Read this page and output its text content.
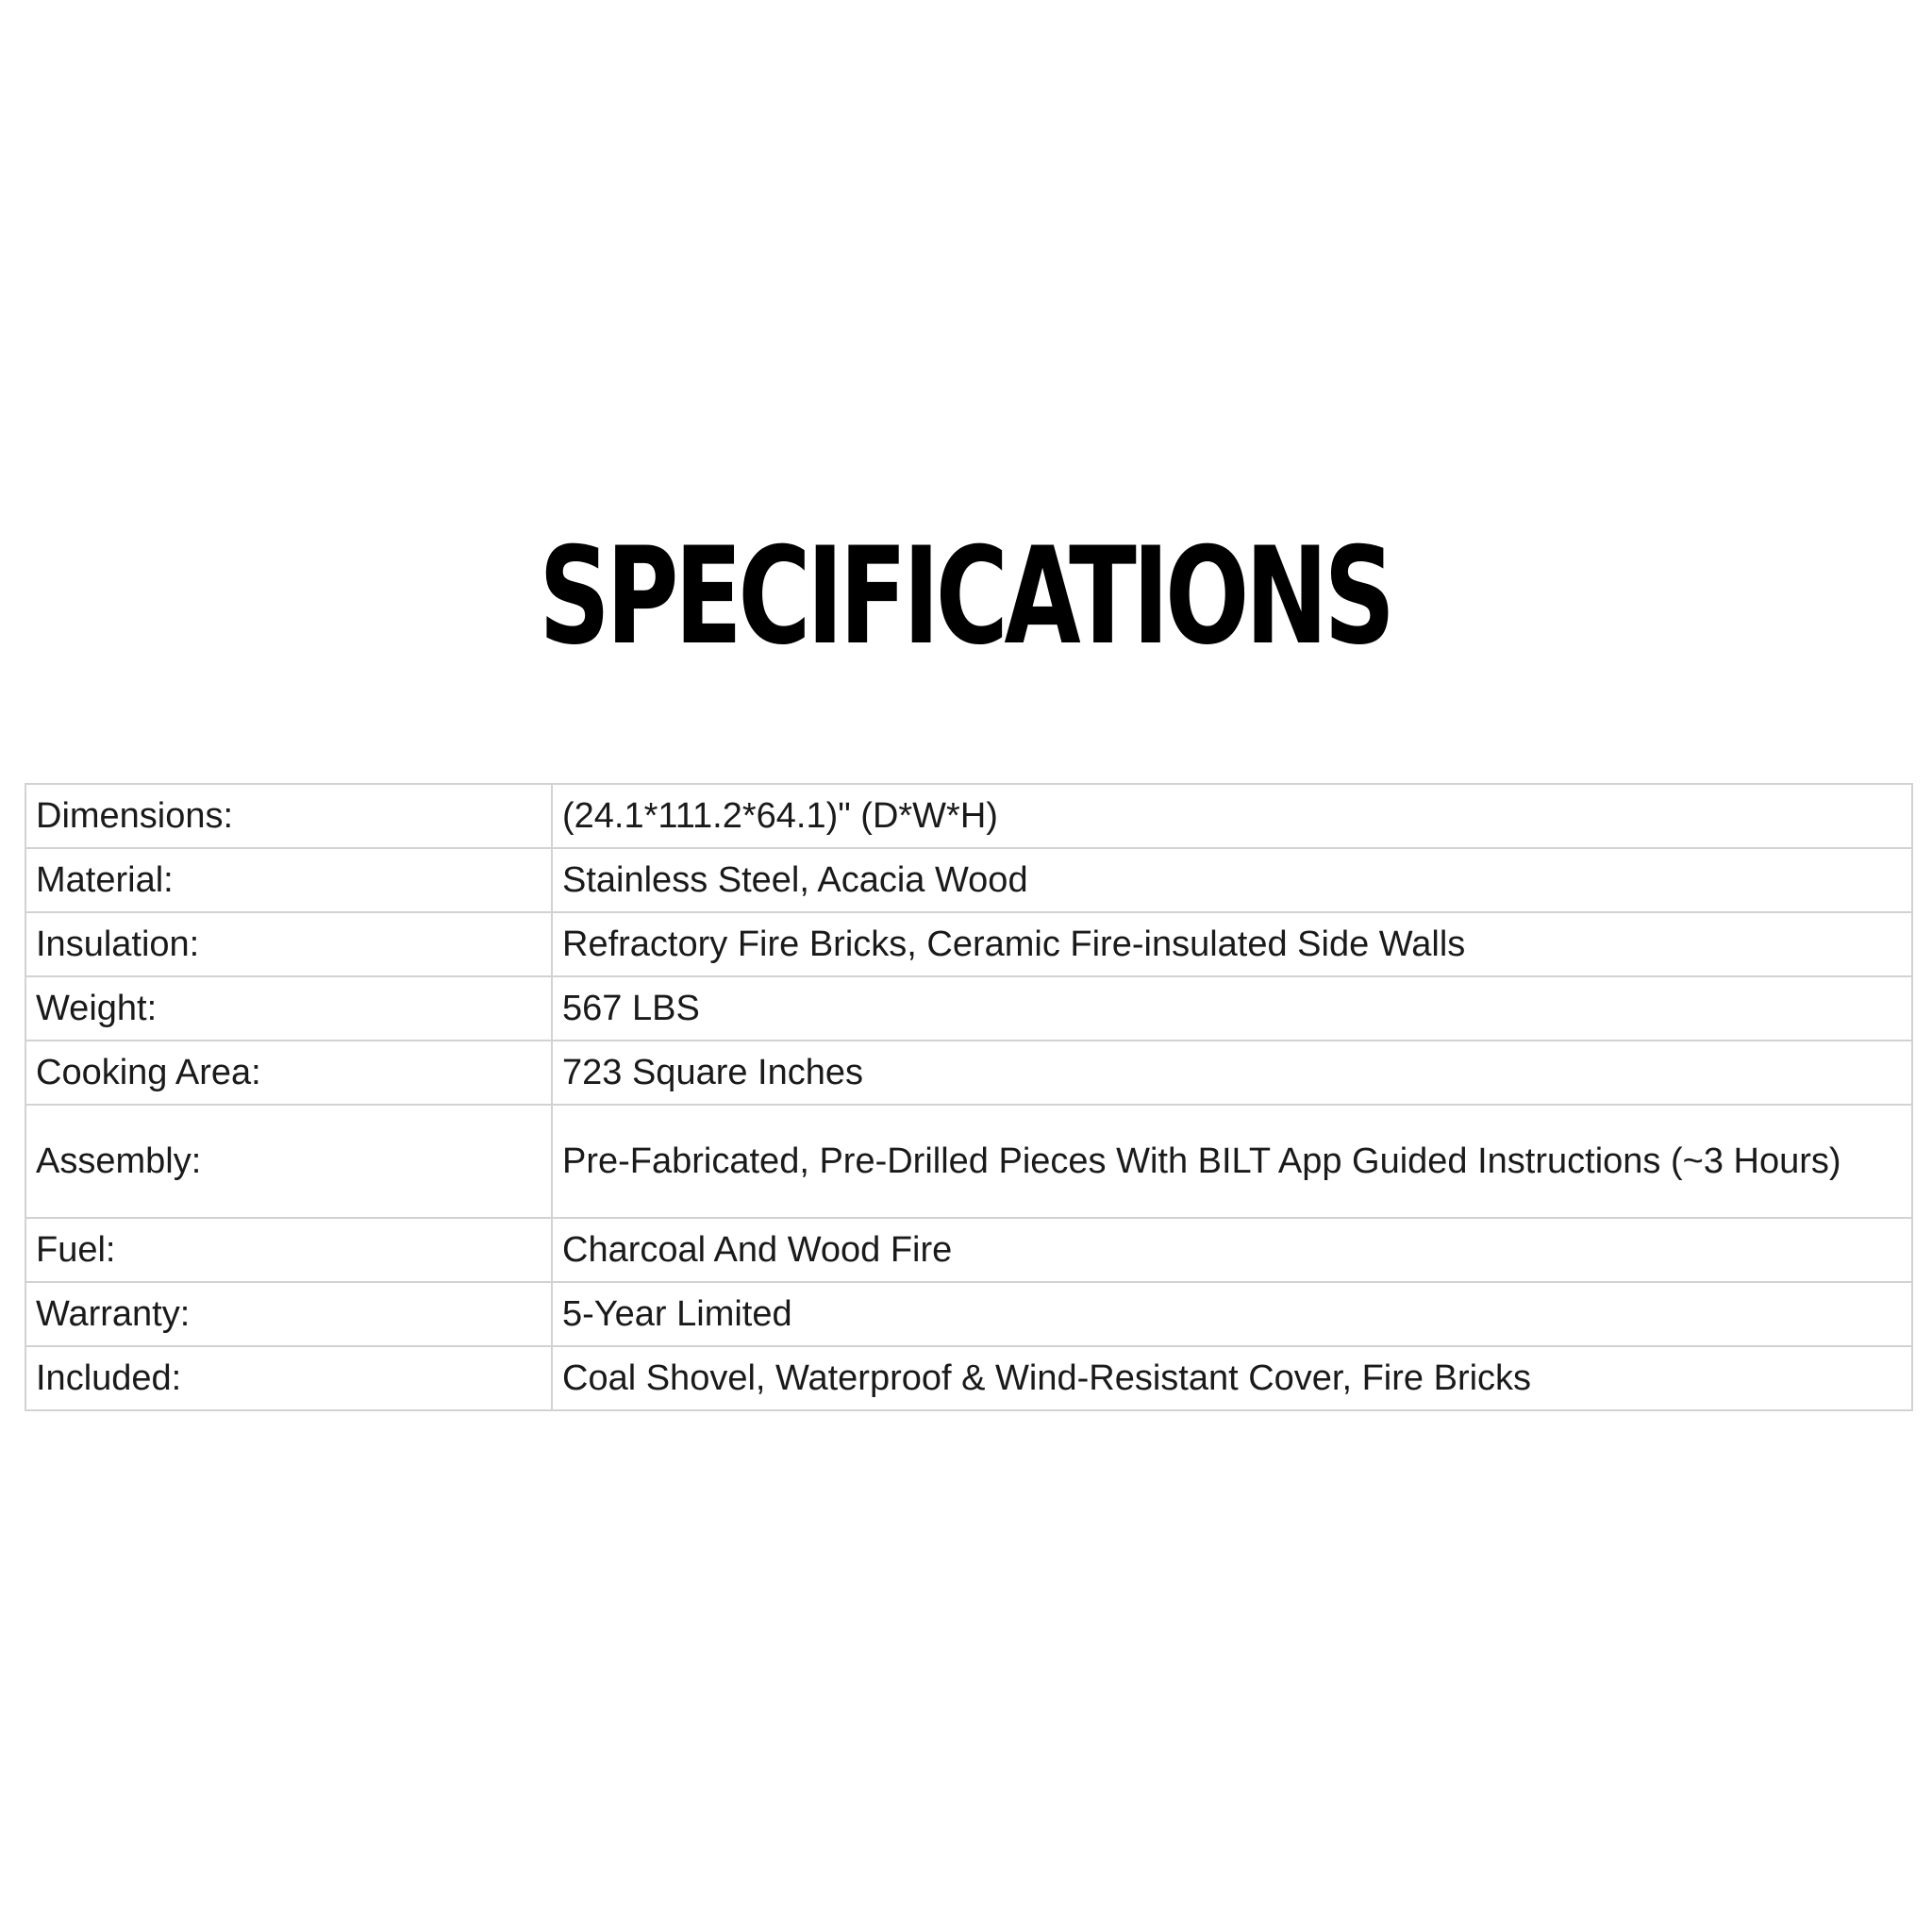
SPECIFICATIONS
Dimensions:	(24.1*111.2*64.1)" (D*W*H)
Material:	Stainless Steel, Acacia Wood
Insulation:	Refractory Fire Bricks, Ceramic Fire-insulated Side Walls
Weight:	567 LBS
Cooking Area:	723 Square Inches
Assembly:	Pre-Fabricated, Pre-Drilled Pieces With BILT App Guided Instructions (~3 Hours)
Fuel:	Charcoal And Wood Fire
Warranty:	5-Year Limited
Included:	Coal Shovel, Waterproof & Wind-Resistant Cover, Fire Bricks
